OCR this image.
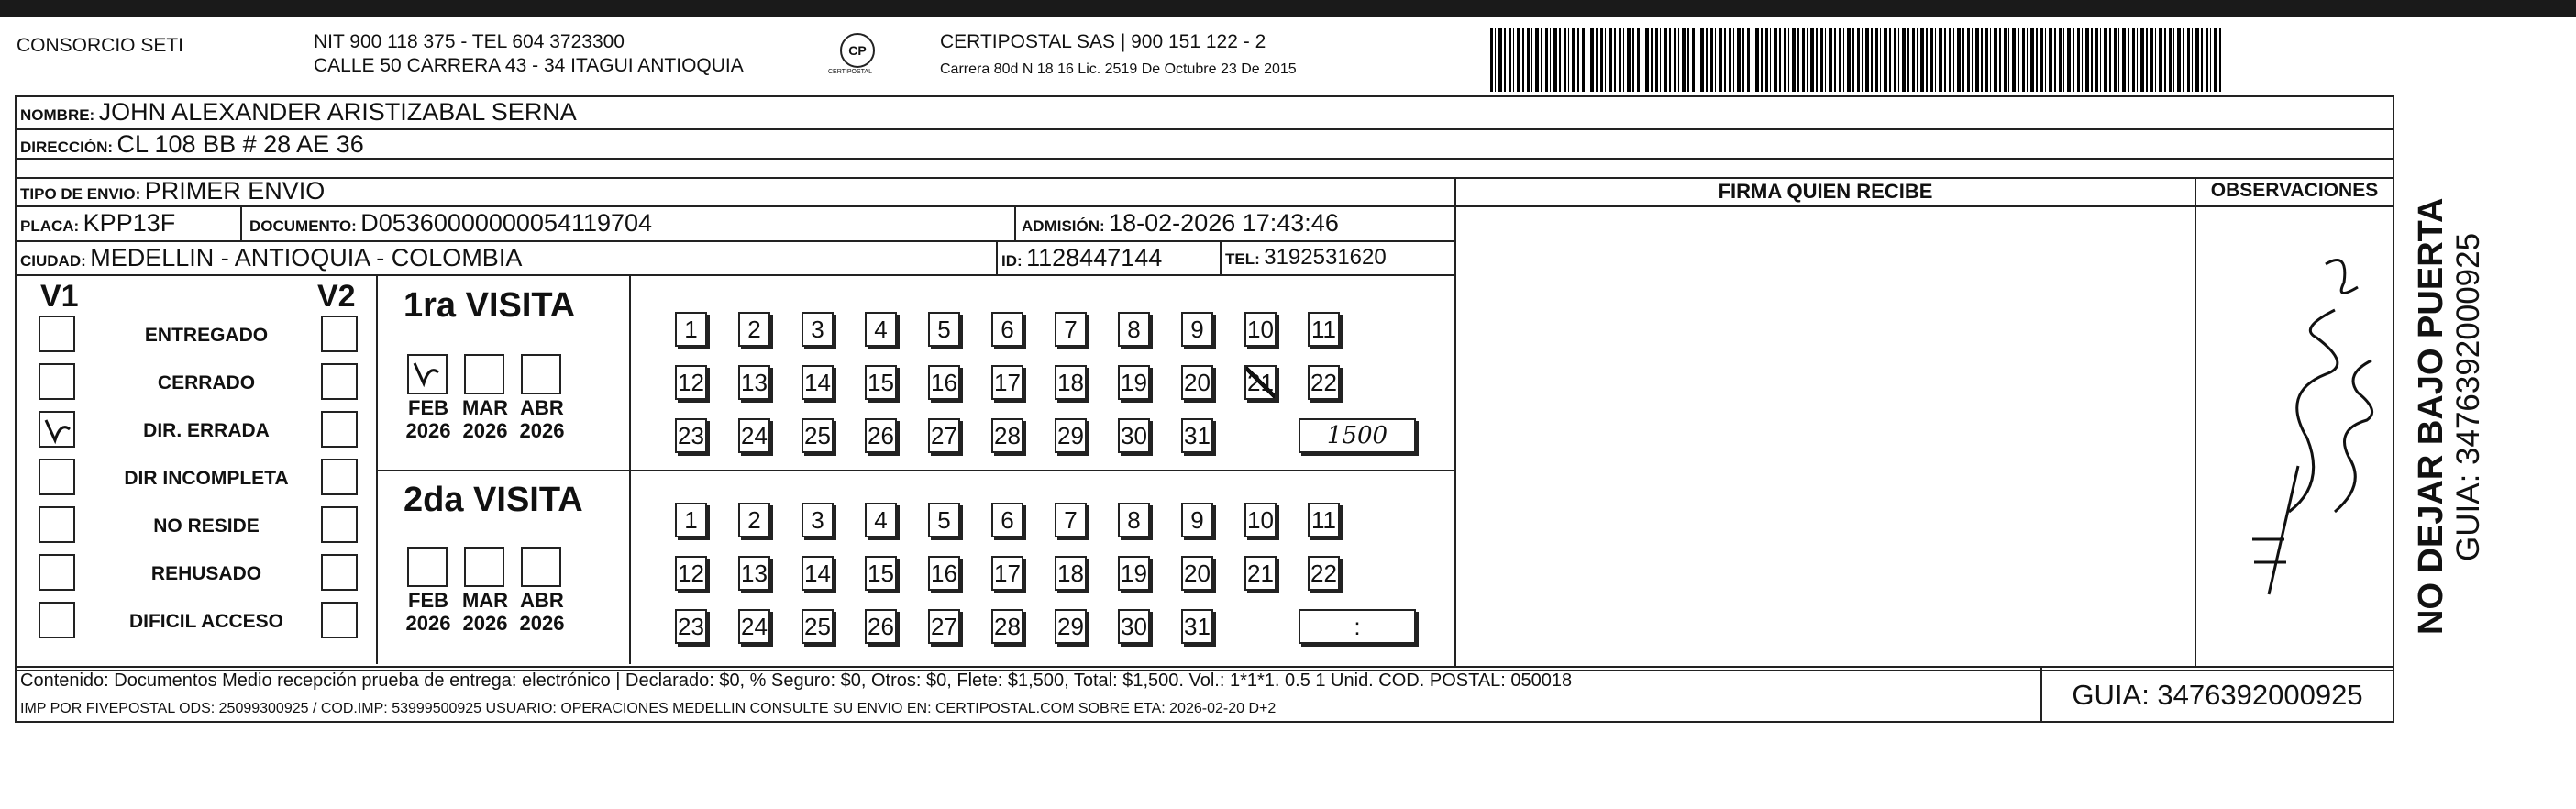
CONSORCIO SETI	NIT 900 118 375 - TEL 604 3723300
CALLE 50 CARRERA 43 - 34 ITAGUI ANTIOQUIA
CP
CERTIPOSTAL
CERTIPOSTAL SAS | 900 151 122 - 2
Carrera 80d N 18 16 Lic. 2519 De Octubre 23 De 2015
NOMBRE: JOHN ALEXANDER ARISTIZABAL SERNA
DIRECCIÓN: CL 108 BB # 28 AE 36
TIPO DE ENVIO: PRIMER ENVIO
PLACA: KPP13F	DOCUMENTO: D05360000000054119704	ADMISIÓN: 18-02-2026 17:43:46
CIUDAD: MEDELLIN - ANTIOQUIA - COLOMBIA	ID: 1128447144	TEL: 3192531620
FIRMA QUIEN RECIBE	OBSERVACIONES
# placa no muestra
V1	V2
ENTREGADO
CERRADO
DIR. ERRADA
DIR INCOMPLETA
NO RESIDE
REHUSADO
DIFICIL ACCESO
1ra VISITA
2da VISITA
FEB
2026
MAR
2026
ABR
2026
FEB
2026
MAR
2026
ABR
2026
1	2	3	4	5	6	7	8	9	10 11
12 13 14 15 16 17 18 19 20 21 22
23 24 25 26 27 28 29 30 31
1	2	3	4	5	6	7	8	9	10 11
12 13 14 15 16 17 18 19 20 21 22
23 24 25 26 27 28 29 30 31
1500
:
Contenido: Documentos Medio recepción prueba de entrega: electrónico | Declarado: $0, % Seguro: $0, Otros: $0, Flete: $1,500, Total: $1,500. Vol.: 1*1*1. 0.5 1 Unid. COD. POSTAL: 050018
IMP POR FIVEPOSTAL ODS: 25099300925 / COD.IMP: 53999500925 USUARIO: OPERACIONES MEDELLIN CONSULTE SU ENVIO EN: CERTIPOSTAL.COM SOBRE ETA: 2026-02-20 D+2	GUIA: 3476392000925
NO DEJAR BAJO PUERTA GUIA: 3476392000925
